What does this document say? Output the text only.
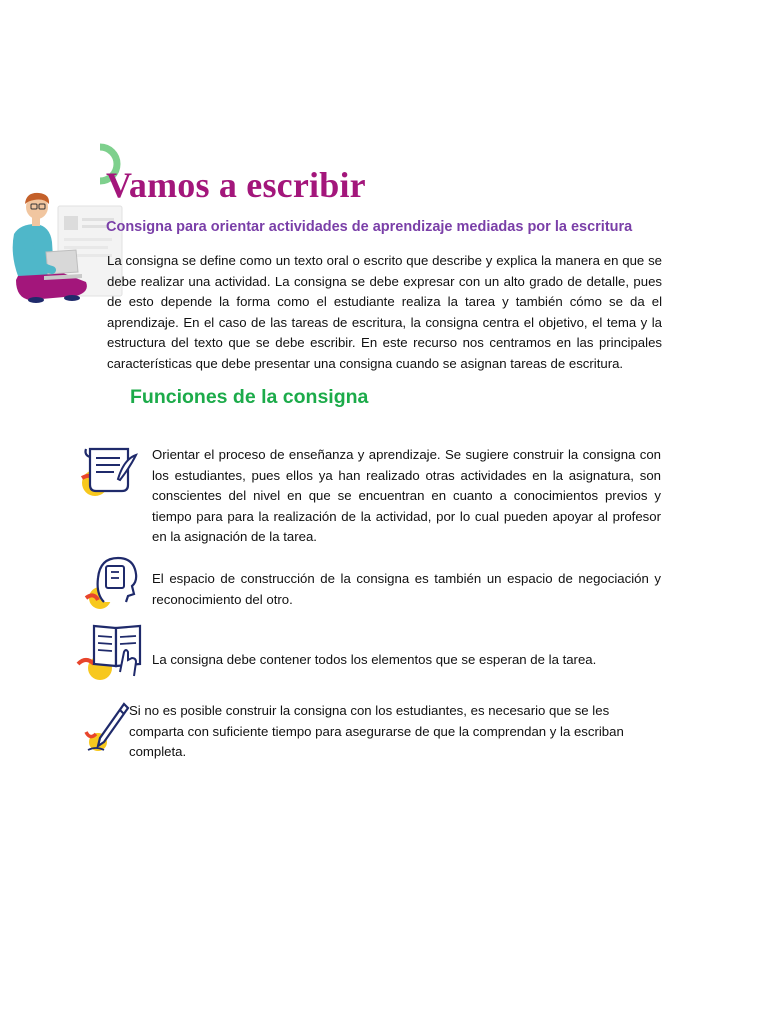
Vamos a escribir
Consigna para orientar actividades de aprendizaje mediadas por la escritura

La consigna se define como un texto oral o escrito que describe y explica la manera en que se debe realizar una actividad. La consigna se debe expresar con un alto grado de detalle, pues de esto depende la forma como el estudiante realiza la tarea y también cómo se da el aprendizaje. En el caso de las tareas de escritura, la consigna centra el objetivo, el tema y la estructura del texto que se debe escribir. En este recurso nos centramos en las principales características que debe presentar una consigna cuando se asignan tareas de escritura.

Funciones de la consigna

Orientar el proceso de enseñanza y aprendizaje. Se sugiere construir la consigna con los estudiantes, pues ellos ya han realizado otras actividades en la asignatura, son conscientes del nivel en que se encuentran en cuanto a conocimientos previos y tiempo para para la realización de la actividad, por lo cual pueden apoyar al profesor en la asignación de la tarea.

El espacio de construcción de la consigna es también un espacio de negociación y reconocimiento del otro.

La consigna debe contener todos los elementos que se esperan de la tarea.

Si no es posible construir la consigna con los estudiantes, es necesario que se les comparta con suficiente tiempo para asegurarse de que la comprendan y la escriban completa.
